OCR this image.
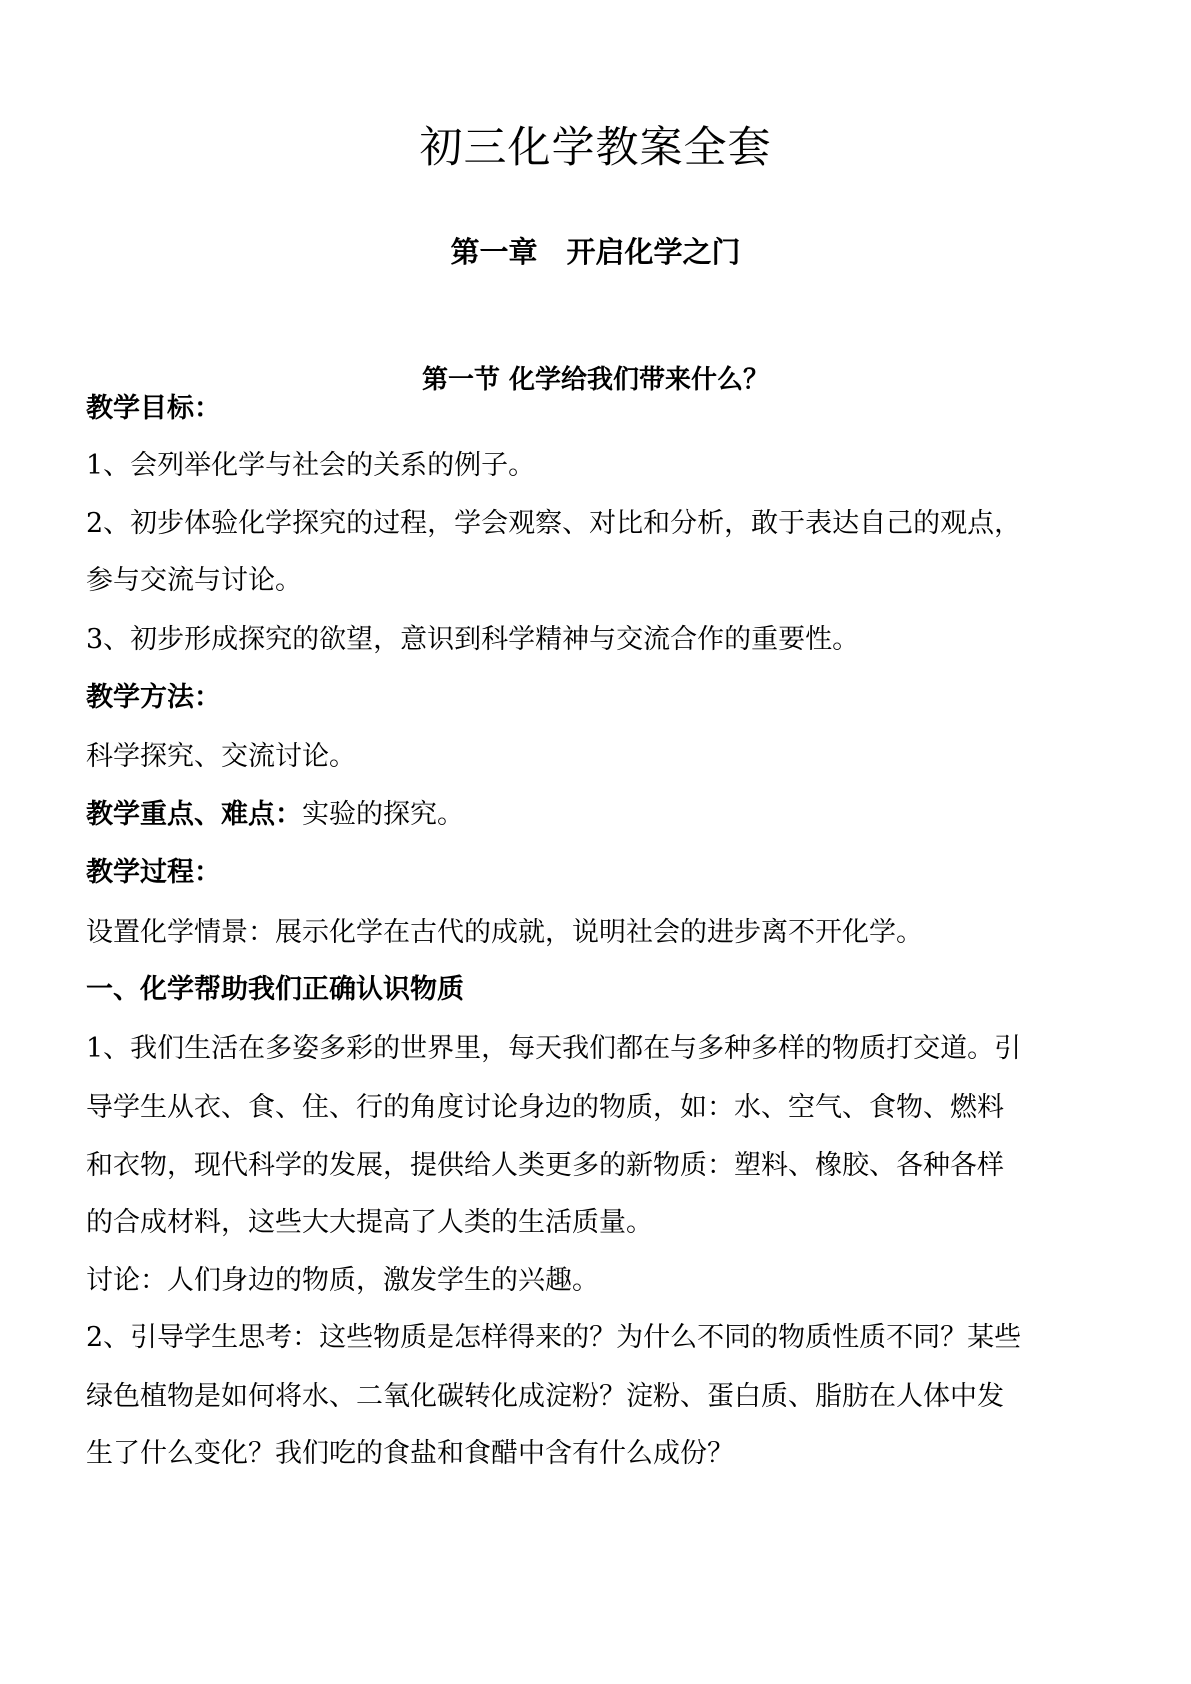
初三化学教案全套
第一章　开启化学之门
第一节 化学给我们带来什么？
教学目标：
1、会列举化学与社会的关系的例子。
2、初步体验化学探究的过程，学会观察、对比和分析，敢于表达自己的观点，
参与交流与讨论。
3、初步形成探究的欲望，意识到科学精神与交流合作的重要性。
教学方法：
科学探究、交流讨论。
教学重点、难点：实验的探究。
教学过程：
设置化学情景：展示化学在古代的成就，说明社会的进步离不开化学。
一、化学帮助我们正确认识物质
1、我们生活在多姿多彩的世界里，每天我们都在与多种多样的物质打交道。引
导学生从衣、食、住、行的角度讨论身边的物质，如：水、空气、食物、燃料
和衣物，现代科学的发展，提供给人类更多的新物质：塑料、橡胶、各种各样
的合成材料，这些大大提高了人类的生活质量。
讨论：人们身边的物质，激发学生的兴趣。
2、引导学生思考：这些物质是怎样得来的？为什么不同的物质性质不同？某些
绿色植物是如何将水、二氧化碳转化成淀粉？淀粉、蛋白质、脂肪在人体中发
生了什么变化？我们吃的食盐和食醋中含有什么成份？
